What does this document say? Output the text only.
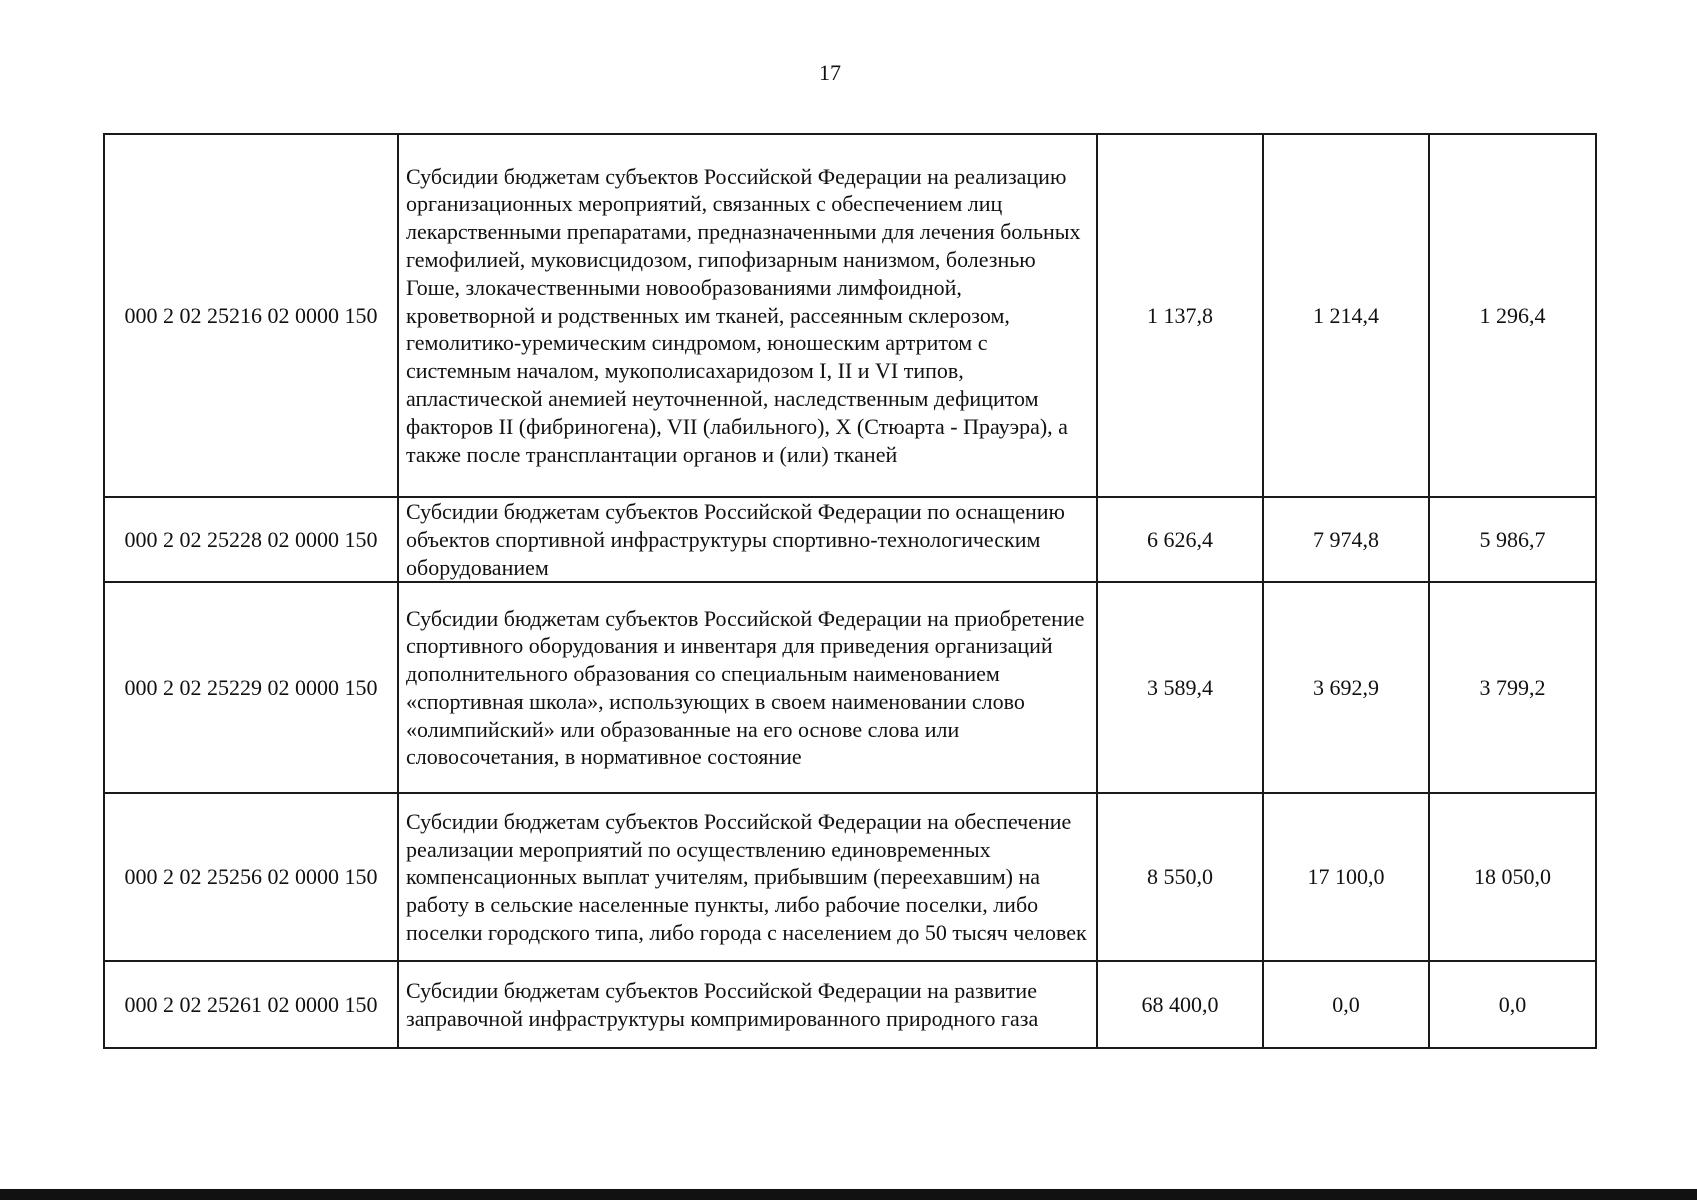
17
000 2 02 25216 02 0000 150	Субсидии бюджетам субъектов Российской Федерации на реализацию организационных мероприятий, связанных с обеспечением лиц лекарственными препаратами, предназначенными для лечения больных гемофилией, муковисцидозом, гипофизарным нанизмом, болезнью Гоше, злокачественными новообразованиями лимфоидной, кроветворной и родственных им тканей, рассеянным склерозом, гемолитико-уремическим синдромом, юношеским артритом с системным началом, мукополисахаридозом I, II и VI типов, апластической анемией неуточненной, наследственным дефицитом факторов II (фибриногена), VII (лабильного), X (Стюарта - Прауэра), а также после трансплантации органов и (или) тканей	1 137,8	1 214,4	1 296,4
000 2 02 25228 02 0000 150	Субсидии бюджетам субъектов Российской Федерации по оснащению объектов спортивной инфраструктуры спортивно-технологическим оборудованием	6 626,4	7 974,8	5 986,7
000 2 02 25229 02 0000 150	Субсидии бюджетам субъектов Российской Федерации на приобретение спортивного оборудования и инвентаря для приведения организаций дополнительного образования со специальным наименованием «спортивная школа», использующих в своем наименовании слово «олимпийский» или образованные на его основе слова или словосочетания, в нормативное состояние	3 589,4	3 692,9	3 799,2
000 2 02 25256 02 0000 150	Субсидии бюджетам субъектов Российской Федерации на обеспечение реализации мероприятий по осуществлению единовременных компенсационных выплат учителям, прибывшим (переехавшим) на работу в сельские населенные пункты, либо рабочие поселки, либо поселки городского типа, либо города с населением до 50 тысяч человек	8 550,0	17 100,0	18 050,0
000 2 02 25261 02 0000 150	Субсидии бюджетам субъектов Российской Федерации на развитие заправочной инфраструктуры компримированного природного газа	68 400,0	0,0	0,0
